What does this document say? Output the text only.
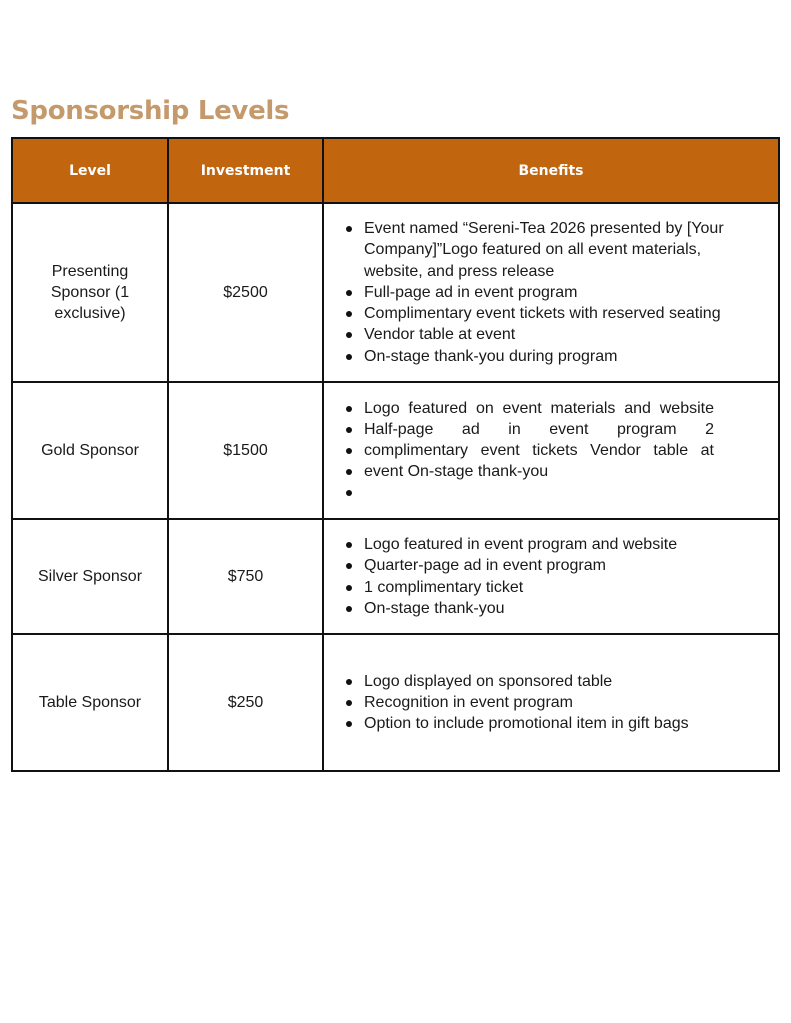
Sponsorship Levels
Level	Investment	Benefits
Presenting Sponsor (1 exclusive)	$2500	
Event named “Sereni-Tea 2026 presented by [Your Company]”Logo featured on all event materials, website, and press release
Full-page ad in event program
Complimentary event tickets with reserved seating
Vendor table at event
On-stage thank-you during program

Gold Sponsor	$1500	
Logo featured on event materials and website
Half-page ad in event program 2
complimentary event tickets Vendor table at
event On-stage thank-you

Silver Sponsor	$750	
Logo featured in event program and website
Quarter-page ad in event program
1 complimentary ticket
On-stage thank-you

Table Sponsor	$250	
Logo displayed on sponsored table
Recognition in event program
Option to include promotional item in gift bags
